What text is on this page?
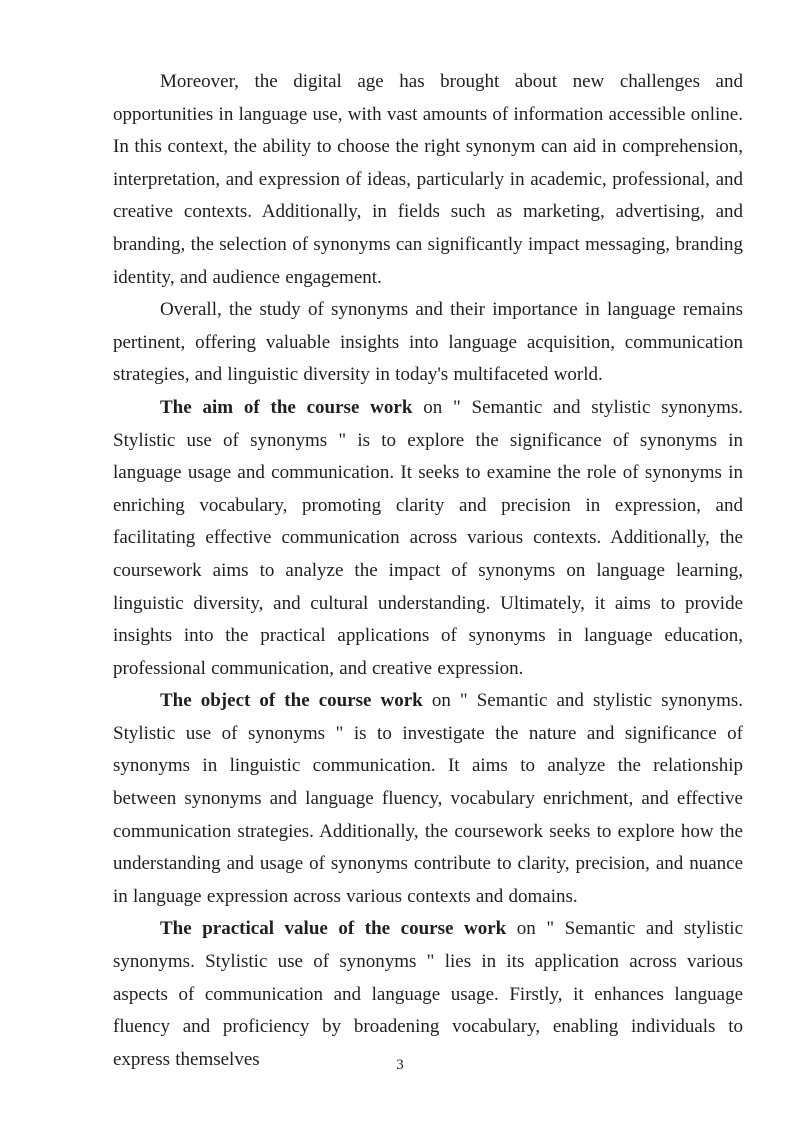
Moreover, the digital age has brought about new challenges and opportunities in language use, with vast amounts of information accessible online. In this context, the ability to choose the right synonym can aid in comprehension, interpretation, and expression of ideas, particularly in academic, professional, and creative contexts. Additionally, in fields such as marketing, advertising, and branding, the selection of synonyms can significantly impact messaging, branding identity, and audience engagement.

Overall, the study of synonyms and their importance in language remains pertinent, offering valuable insights into language acquisition, communication strategies, and linguistic diversity in today's multifaceted world.

The aim of the course work on " Semantic and stylistic synonyms. Stylistic use of synonyms " is to explore the significance of synonyms in language usage and communication. It seeks to examine the role of synonyms in enriching vocabulary, promoting clarity and precision in expression, and facilitating effective communication across various contexts. Additionally, the coursework aims to analyze the impact of synonyms on language learning, linguistic diversity, and cultural understanding. Ultimately, it aims to provide insights into the practical applications of synonyms in language education, professional communication, and creative expression.

The object of the course work on " Semantic and stylistic synonyms. Stylistic use of synonyms " is to investigate the nature and significance of synonyms in linguistic communication. It aims to analyze the relationship between synonyms and language fluency, vocabulary enrichment, and effective communication strategies. Additionally, the coursework seeks to explore how the understanding and usage of synonyms contribute to clarity, precision, and nuance in language expression across various contexts and domains.

The practical value of the course work on " Semantic and stylistic synonyms. Stylistic use of synonyms " lies in its application across various aspects of communication and language usage. Firstly, it enhances language fluency and proficiency by broadening vocabulary, enabling individuals to express themselves	3
